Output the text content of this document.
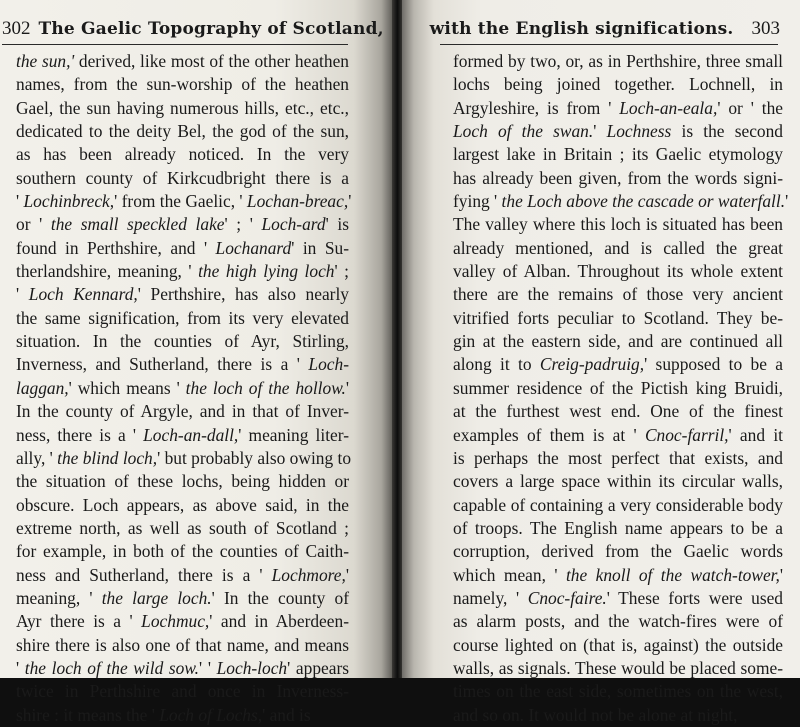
302 The Gaelic Topography of Scotland,
the sun,' derived, like most of the other heathen
names, from the sun-worship of the heathen
Gael, the sun having numerous hills, etc., etc.,
dedicated to the deity Bel, the god of the sun,
as has been already noticed. In the very
southern county of Kirkcudbright there is a
' Lochinbreck,' from the Gaelic, ' Lochan-breac,'
or ' the small speckled lake' ; ' Loch-ard' is
found in Perthshire, and ' Lochanard' in Su-
therlandshire, meaning, ' the high lying loch' ;
' Loch Kennard,' Perthshire, has also nearly
the same signification, from its very elevated
situation. In the counties of Ayr, Stirling,
Inverness, and Sutherland, there is a ' Loch-
laggan,' which means ' the loch of the hollow.'
In the county of Argyle, and in that of Inver-
ness, there is a ' Loch-an-dall,' meaning liter-
ally, ' the blind loch,' but probably also owing to
the situation of these lochs, being hidden or
obscure. Loch appears, as above said, in the
extreme north, as well as south of Scotland ;
for example, in both of the counties of Caith-
ness and Sutherland, there is a ' Lochmore,'
meaning, ' the large loch.' In the county of
Ayr there is a ' Lochmuc,' and in Aberdeen-
shire there is also one of that name, and means
' the loch of the wild sow.' ' Loch-loch' appears
twice in Perthshire and once in Inverness-
shire : it means the ' Loch of Lochs,' and is
with the English significations. 303
formed by two, or, as in Perthshire, three small
lochs being joined together. Lochnell, in
Argyleshire, is from ' Loch-an-eala,' or ' the
Loch of the swan.' Lochness is the second
largest lake in Britain ; its Gaelic etymology
has already been given, from the words signi-
fying ' the Loch above the cascade or waterfall.'
The valley where this loch is situated has been
already mentioned, and is called the great
valley of Alban. Throughout its whole extent
there are the remains of those very ancient
vitrified forts peculiar to Scotland. They be-
gin at the eastern side, and are continued all
along it to Creig-padruig,' supposed to be a
summer residence of the Pictish king Bruidi,
at the furthest west end. One of the finest
examples of them is at ' Cnoc-farril,' and it
is perhaps the most perfect that exists, and
covers a large space within its circular walls,
capable of containing a very considerable body
of troops. The English name appears to be a
corruption, derived from the Gaelic words
which mean, ' the knoll of the watch-tower,'
namely, ' Cnoc-faire.' These forts were used
as alarm posts, and the watch-fires were of
course lighted on (that is, against) the outside
walls, as signals. These would be placed some-
times on the east side, sometimes on the west,
and so on. It would not be alone at night,
